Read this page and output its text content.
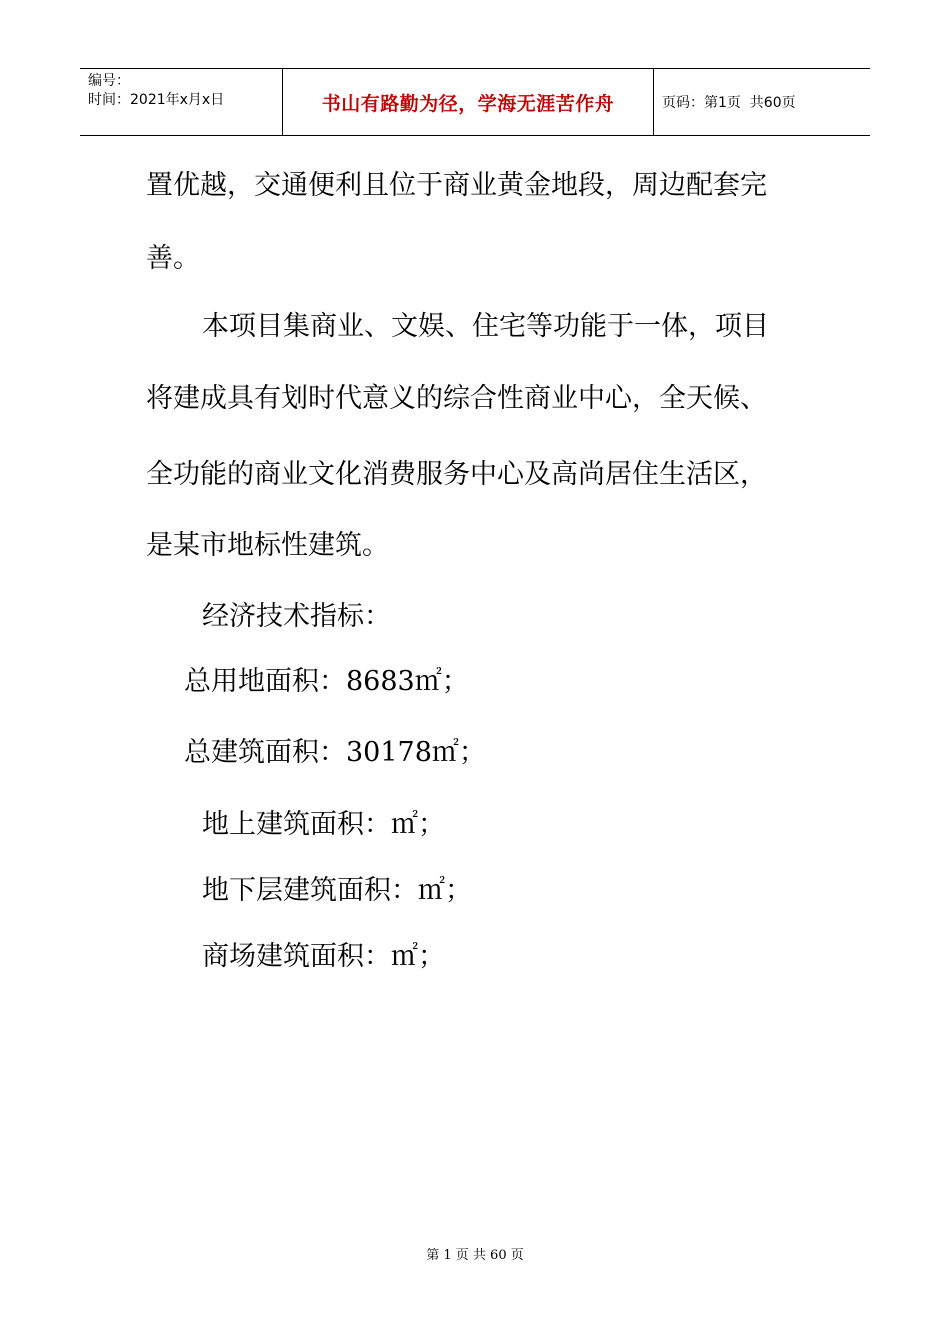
编号：
时间：2021年x月x日	书山有路勤为径，学海无涯苦作舟	页码：第1页  共60页
置优越，交通便利且位于商业黄金地段，周边配套完
善。
本项目集商业、文娱、住宅等功能于一体，项目
将建成具有划时代意义的综合性商业中心，全天候、
全功能的商业文化消费服务中心及高尚居住生活区，
是某市地标性建筑。
经济技术指标：
总用地面积：8683㎡；
总建筑面积：30178㎡；
地上建筑面积：㎡；
地下层建筑面积：㎡；
商场建筑面积：㎡；
第 1 页 共 60 页
